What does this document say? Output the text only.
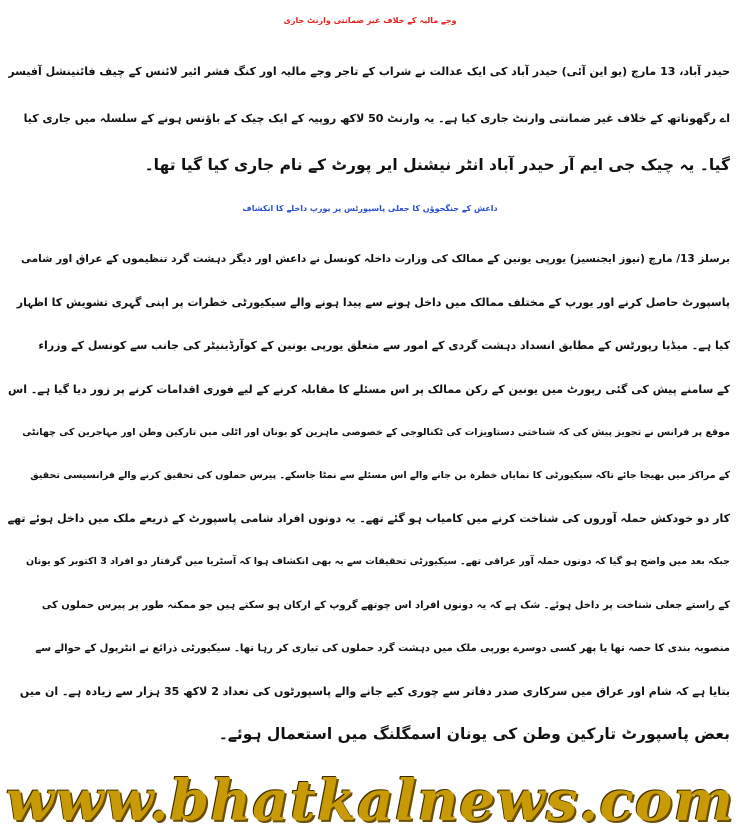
وجے مالیہ کے خلاف غیر ضمانتی وارنٹ جاری
حیدر آباد، 13 مارچ (یو این آئی) حیدر آباد کی ایک عدالت نے شراب کے تاجر وجے مالیہ اور کنگ فشر ائیر لائنس کے چیف فائنینشل آفیسر
اے رگھوناتھ کے خلاف غیر ضمانتی وارنٹ جاری کیا ہے۔ یہ وارنٹ 50 لاکھ روپیہ کے ایک چیک کے باؤنس ہونے کے سلسلہ میں جاری کیا
گیا۔ یہ چیک جی ایم آر حیدر آباد انٹر نیشنل ایر پورٹ کے نام جاری کیا گیا تھا۔
داعش کے جنگجوؤں کا جعلی پاسپورٹس پر یورپ داخلے کا انکشاف
برسلز 13/ مارچ (نیوز ایجنسیز) یورپی یونین کے ممالک کی وزارت داخلہ کونسل نے داعش اور دیگر دہشت گرد تنظیموں کے عراق اور شامی
پاسپورٹ حاصل کرنے اور یورپ کے مختلف ممالک میں داخل ہونے سے پیدا ہونے والے سیکیورٹی خطرات پر اپنی گہری تشویش کا اظہار
کیا ہے۔ میڈیا رپورٹس کے مطابق انسداد دہشت گردی کے امور سے متعلق یورپی یونین کے کوآرڈینیٹر کی جانب سے کونسل کے وزراء
کے سامنے پیش کی گئی رپورٹ میں یونین کے رکن ممالک پر اس مسئلے کا مقابلہ کرنے کے لیے فوری اقدامات کرنے پر زور دیا گیا ہے۔ اس
موقع پر فرانس نے تجویز پیش کی کہ شناختی دستاویزات کی ٹکنالوجی کے خصوصی ماہرین کو یونان اور اٹلی میں تارکین وطن اور مہاجرین کی چھانٹی
کے مراکز میں بھیجا جائے تاکہ سیکیورٹی کا نمایاں خطرہ بن جانے والے اس مسئلے سے نمٹا جاسکے۔ پیرس حملوں کی تحقیق کرنے والے فرانسیسی تحقیق
کار دو خودکش حملہ آوروں کی شناخت کرنے میں کامیاب ہو گئے تھے۔ یہ دونوں افراد شامی پاسپورٹ کے ذریعے ملک میں داخل ہوئے تھے
جبکہ بعد میں واضح ہو گیا کہ دونوں حملہ آور عراقی تھے۔ سیکیورٹی تحقیقات سے یہ بھی انکشاف ہوا کہ آسٹریا میں گرفتار دو افراد 3 اکتوبر کو یونان
کے راستے جعلی شناخت پر داخل ہوئے۔ شک ہے کہ یہ دونوں افراد اس چوتھے گروپ کے ارکان ہو سکتے ہیں جو ممکنہ طور پر پیرس حملوں کی
منصوبہ بندی کا حصہ تھا یا پھر کسی دوسرے یورپی ملک میں دہشت گرد حملوں کی تیاری کر رہا تھا۔ سیکیورٹی ذرائع نے انٹرپول کے حوالے سے
بتایا ہے کہ شام اور عراق میں سرکاری صدر دفاتر سے چوری کیے جانے والے پاسپورٹوں کی تعداد 2 لاکھ 35 ہزار سے زیادہ ہے۔ ان میں
بعض پاسپورٹ تارکین وطن کی یونان اسمگلنگ میں استعمال ہوئے۔
www.bhatkalnews.com
